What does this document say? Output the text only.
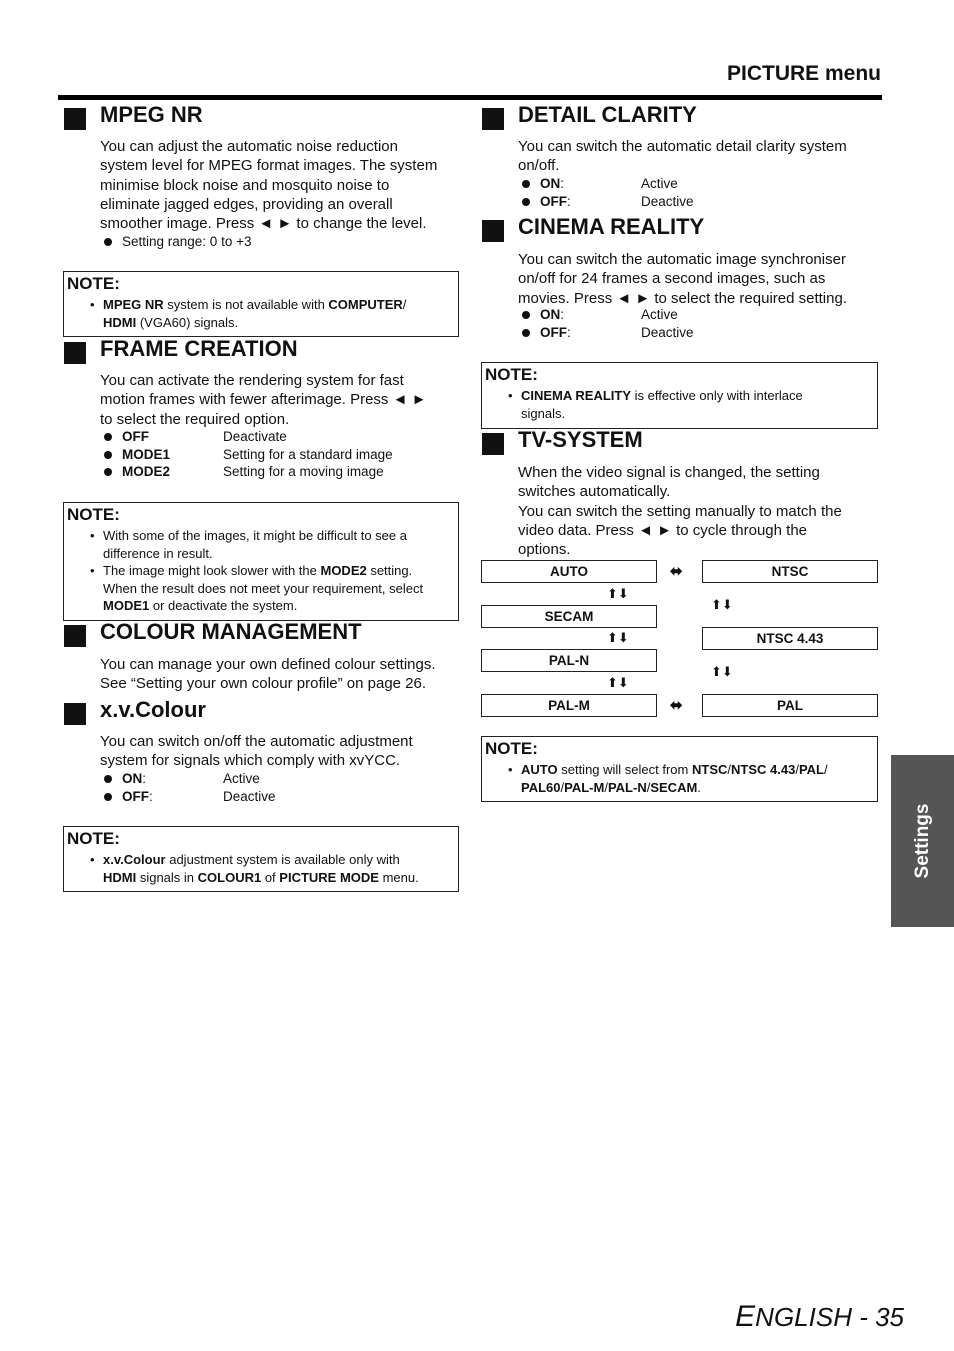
PICTURE menu
MPEG NR
You can adjust the automatic noise reduction
system level for MPEG format images. The system
minimise block noise and mosquito noise to
eliminate jagged edges, providing an overall
smoother image. Press ◄ ► to change the level.
Setting range: 0 to +3
NOTE:
• MPEG NR system is not available with COMPUTER/
HDMI (VGA60) signals.
FRAME CREATION
You can activate the rendering system for fast
motion frames with fewer afterimage. Press ◄ ►
to select the required option.
OFF	Deactivate
MODE1	Setting for a standard image
MODE2	Setting for a moving image
NOTE:
• With some of the images, it might be difficult to see a
difference in result.
• The image might look slower with the MODE2 setting.
When the result does not meet your requirement, select
MODE1 or deactivate the system.
COLOUR MANAGEMENT
You can manage your own defined colour settings.
See “Setting your own colour profile” on page 26.
x.v.Colour
You can switch on/off the automatic adjustment
system for signals which comply with xvYCC.
ON:	Active
OFF:	Deactive
NOTE:
• x.v.Colour adjustment system is available only with
HDMI signals in COLOUR1 of PICTURE MODE menu.
DETAIL CLARITY
You can switch the automatic detail clarity system
on/off.
ON:	Active
OFF:	Deactive
CINEMA REALITY
You can switch the automatic image synchroniser
on/off for 24 frames a second images, such as
movies. Press ◄ ► to select the required setting.
ON:	Active
OFF:	Deactive
NOTE:
• CINEMA REALITY is effective only with interlace
signals.
TV-SYSTEM
When the video signal is changed, the setting
switches automatically.
You can switch the setting manually to match the
video data. Press ◄ ► to cycle through the
options.
AUTO	NTSC
SECAM
NTSC 4.43
PAL-N
PAL-M	PAL
⬌
⬌
⬆⬇
⬆⬇
⬆⬇
⬆⬇
⬆⬇
NOTE:
• AUTO setting will select from NTSC/NTSC 4.43/PAL/
PAL60/PAL-M/PAL-N/SECAM.
Settings
ENGLISH - 35
